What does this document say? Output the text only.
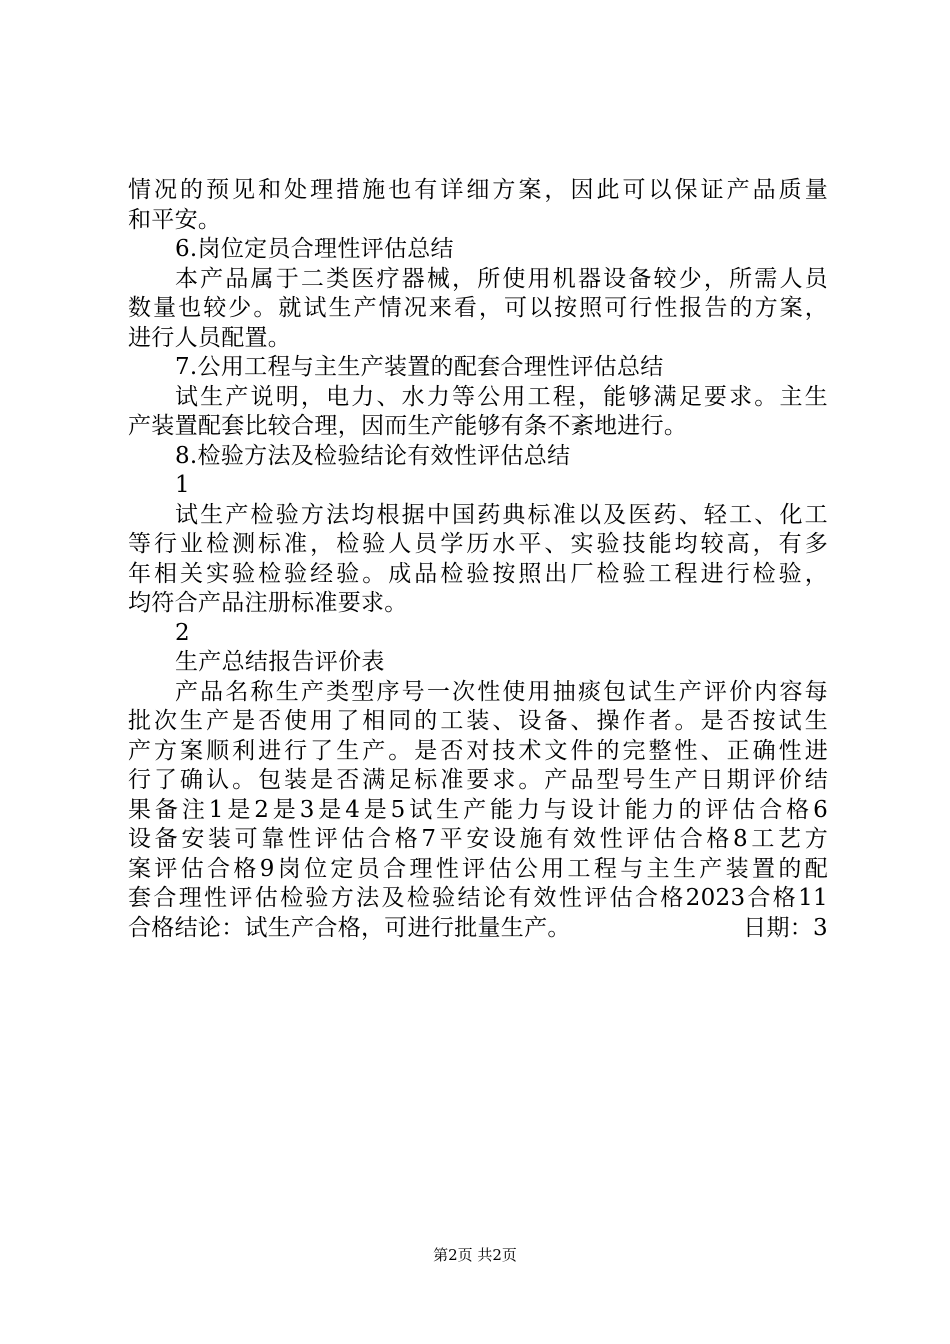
情况的预见和处理措施也有详细方案，因此可以保证产品质量
和平安。
6.岗位定员合理性评估总结
本产品属于二类医疗器械，所使用机器设备较少，所需人员
数量也较少。就试生产情况来看，可以按照可行性报告的方案，
进行人员配置。
7.公用工程与主生产装置的配套合理性评估总结
试生产说明，电力、水力等公用工程，能够满足要求。主生
产装置配套比较合理，因而生产能够有条不紊地进行。
8.检验方法及检验结论有效性评估总结
1
试生产检验方法均根据中国药典标准以及医药、轻工、化工
等行业检测标准，检验人员学历水平、实验技能均较高，有多
年相关实验检验经验。成品检验按照出厂检验工程进行检验，
均符合产品注册标准要求。
2
生产总结报告评价表
产品名称生产类型序号一次性使用抽痰包试生产评价内容每
批次生产是否使用了相同的工装、设备、操作者。是否按试生
产方案顺利进行了生产。是否对技术文件的完整性、正确性进
行了确认。包装是否满足标准要求。产品型号生产日期评价结
果备注1是2是3是4是5试生产能力与设计能力的评估合格6
设备安装可靠性评估合格7平安设施有效性评估合格8工艺方
案评估合格9岗位定员合理性评估公用工程与主生产装置的配
套合理性评估检验方法及检验结论有效性评估合格2023合格11
合格结论：试生产合格，可进行批量生产。	日期：3
第2页 共2页
